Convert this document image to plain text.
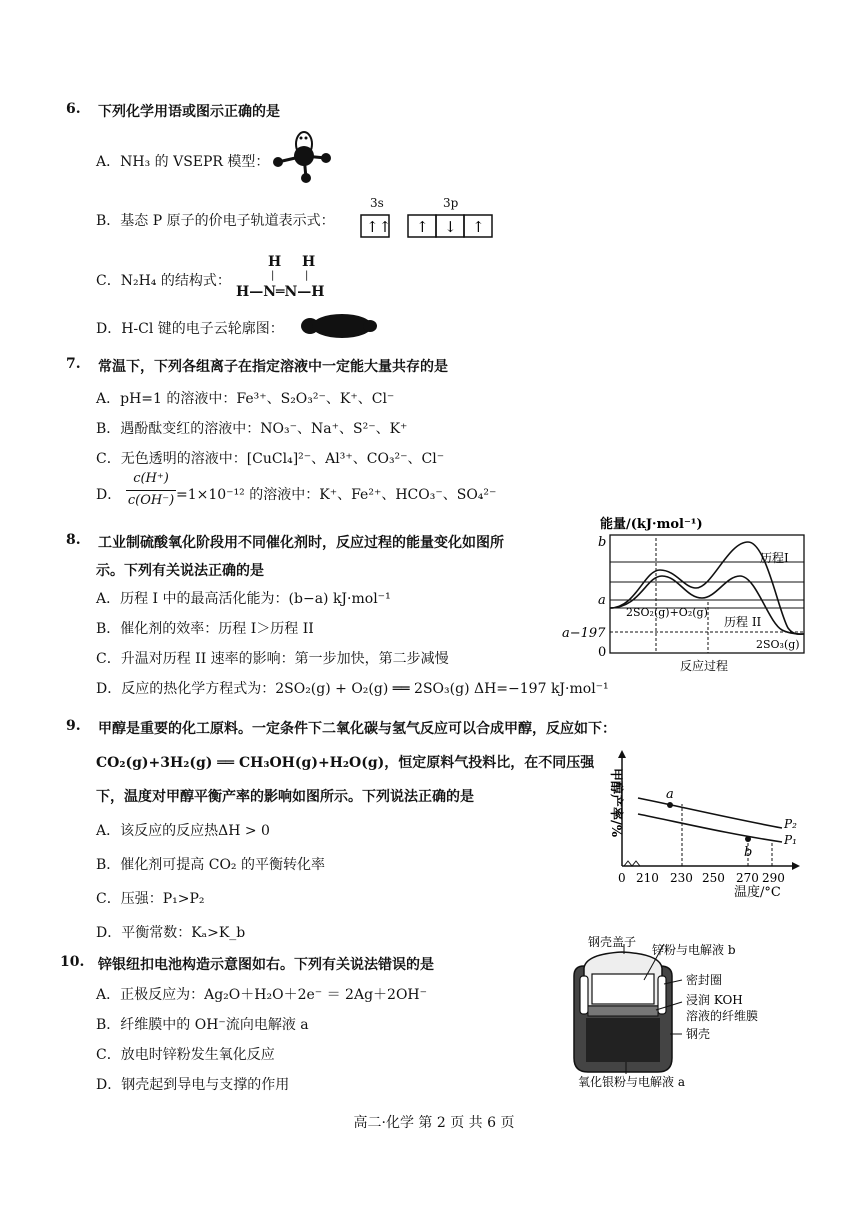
6. 下列化学用语或图示正确的是
A．NH₃ 的 VSEPR 模型：
B．基态 P 原子的价电子轨道表示式：
3s	3p
↑↑ ↑ ↓ ↑
C．N₂H₄ 的结构式：
H H
|	|
H—N═N—H
D．H-Cl 键的电子云轮廓图：
7. 常温下，下列各组离子在指定溶液中一定能大量共存的是
A．pH=1 的溶液中：Fe³⁺、S₂O₃²⁻、K⁺、Cl⁻
B．遇酚酞变红的溶液中：NO₃⁻、Na⁺、S²⁻、K⁺
C．无色透明的溶液中：[CuCl₄]²⁻、Al³⁺、CO₃²⁻、Cl⁻
D．
c(H⁺)
c(OH⁻) =1×10⁻¹² 的溶液中：K⁺、Fe²⁺、HCO₃⁻、SO₄²⁻
8. 工业制硫酸氧化阶段用不同催化剂时，反应过程的能量变化如图所
示。下列有关说法正确的是
A．历程 I 中的最高活化能为：(b−a) kJ·mol⁻¹
B．催化剂的效率：历程 I＞历程 II
C．升温对历程 II 速率的影响：第一步加快，第二步减慢
D．反应的热化学方程式为：2SO₂(g) + O₂(g) ══ 2SO₃(g) ΔH=−197 kJ·mol⁻¹
能量/(kJ·mol⁻¹)
b
a
a−197
0
历程I
历程 II
2SO₂(g)+O₂(g)
2SO₃(g)
反应过程
9. 甲醇是重要的化工原料。一定条件下二氧化碳与氢气反应可以合成甲醇，反应如下：
CO₂(g)+3H₂(g) ══ CH₃OH(g)+H₂O(g)，恒定原料气投料比，在不同压强
下，温度对甲醇平衡产率的影响如图所示。下列说法正确的是
A．该反应的反应热ΔH > 0
B．催化剂可提高 CO₂ 的平衡转化率
C．压强：P₁>P₂
D．平衡常数：Kₐ>K_b
甲醇产率/%	a
b
P₂
P₁
0 210 230 250 270 290
温度/°C
10. 锌银纽扣电池构造示意图如右。下列有关说法错误的是
A．正极反应为：Ag₂O＋H₂O＋2e⁻ ＝ 2Ag＋2OH⁻
B．纤维膜中的 OH⁻流向电解液 a
C．放电时锌粉发生氧化反应
D．钢壳起到导电与支撑的作用
钢壳盖子
锌粉与电解液 b
密封圈
浸润 KOH
溶液的纤维膜
钢壳
氧化银粉与电解液 a
高二·化学 第 2 页 共 6 页
